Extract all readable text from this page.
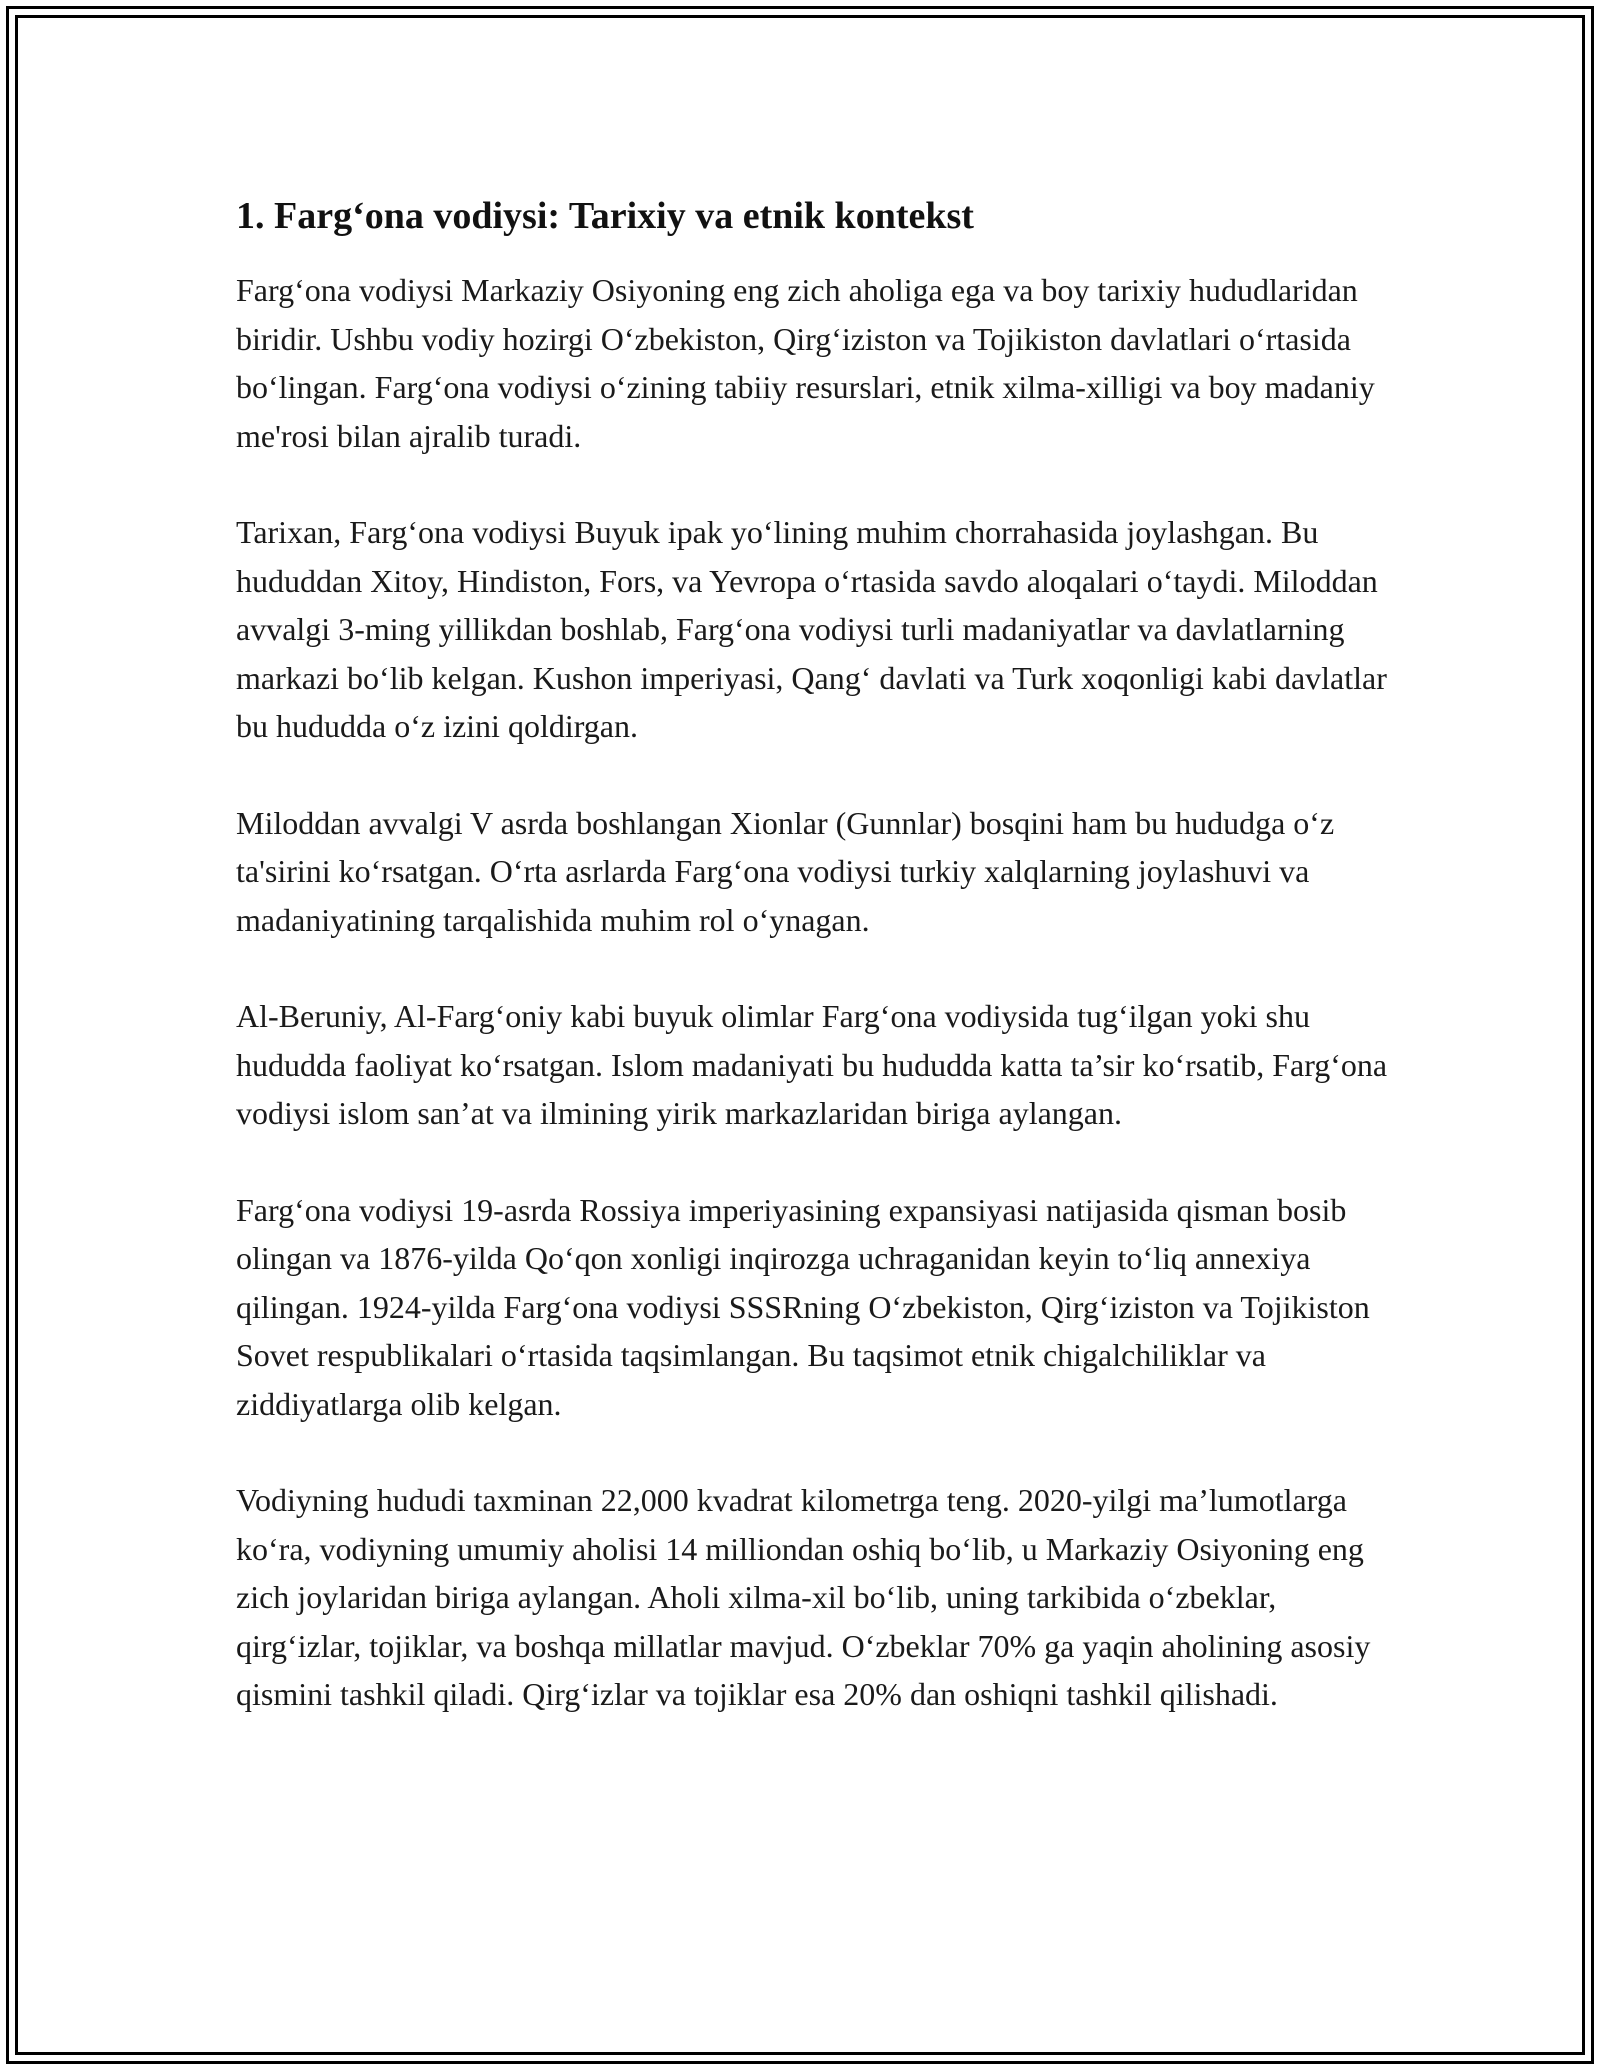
1. Farg‘ona vodiysi: Tarixiy va etnik kontekst

Farg‘ona vodiysi Markaziy Osiyoning eng zich aholiga ega va boy tarixiy hududlaridan biridir. Ushbu vodiy hozirgi O‘zbekiston, Qirg‘iziston va Tojikiston davlatlari o‘rtasida bo‘lingan. Farg‘ona vodiysi o‘zining tabiiy resurslari, etnik xilma-xilligi va boy madaniy me'rosi bilan ajralib turadi.

Tarixan, Farg‘ona vodiysi Buyuk ipak yo‘lining muhim chorrahasida joylashgan. Bu hududdan Xitoy, Hindiston, Fors, va Yevropa o‘rtasida savdo aloqalari o‘taydi. Miloddan avvalgi 3-ming yillikdan boshlab, Farg‘ona vodiysi turli madaniyatlar va davlatlarning markazi bo‘lib kelgan. Kushon imperiyasi, Qang‘ davlati va Turk xoqonligi kabi davlatlar bu hududda o‘z izini qoldirgan.

Miloddan avvalgi V asrda boshlangan Xionlar (Gunnlar) bosqini ham bu hududga o‘z ta'sirini ko‘rsatgan. O‘rta asrlarda Farg‘ona vodiysi turkiy xalqlarning joylashuvi va madaniyatining tarqalishida muhim rol o‘ynagan.

Al-Beruniy, Al-Farg‘oniy kabi buyuk olimlar Farg‘ona vodiysida tug‘ilgan yoki shu hududda faoliyat ko‘rsatgan. Islom madaniyati bu hududda katta ta’sir ko‘rsatib, Farg‘ona vodiysi islom san’at va ilmining yirik markazlaridan biriga aylangan.

Farg‘ona vodiysi 19-asrda Rossiya imperiyasining expansiyasi natijasida qisman bosib olingan va 1876-yilda Qo‘qon xonligi inqirozga uchraganidan keyin to‘liq annexiya qilingan. 1924-yilda Farg‘ona vodiysi SSSRning O‘zbekiston, Qirg‘iziston va Tojikiston Sovet respublikalari o‘rtasida taqsimlangan. Bu taqsimot etnik chigalchiliklar va ziddiyatlarga olib kelgan.

Vodiyning hududi taxminan 22,000 kvadrat kilometrga teng. 2020-yilgi ma’lumotlarga ko‘ra, vodiyning umumiy aholisi 14 milliondan oshiq bo‘lib, u Markaziy Osiyoning eng zich joylaridan biriga aylangan. Aholi xilma-xil bo‘lib, uning tarkibida o‘zbeklar, qirg‘izlar, tojiklar, va boshqa millatlar mavjud. O‘zbeklar 70% ga yaqin aholining asosiy qismini tashkil qiladi. Qirg‘izlar va tojiklar esa 20% dan oshiqni tashkil qilishadi.
